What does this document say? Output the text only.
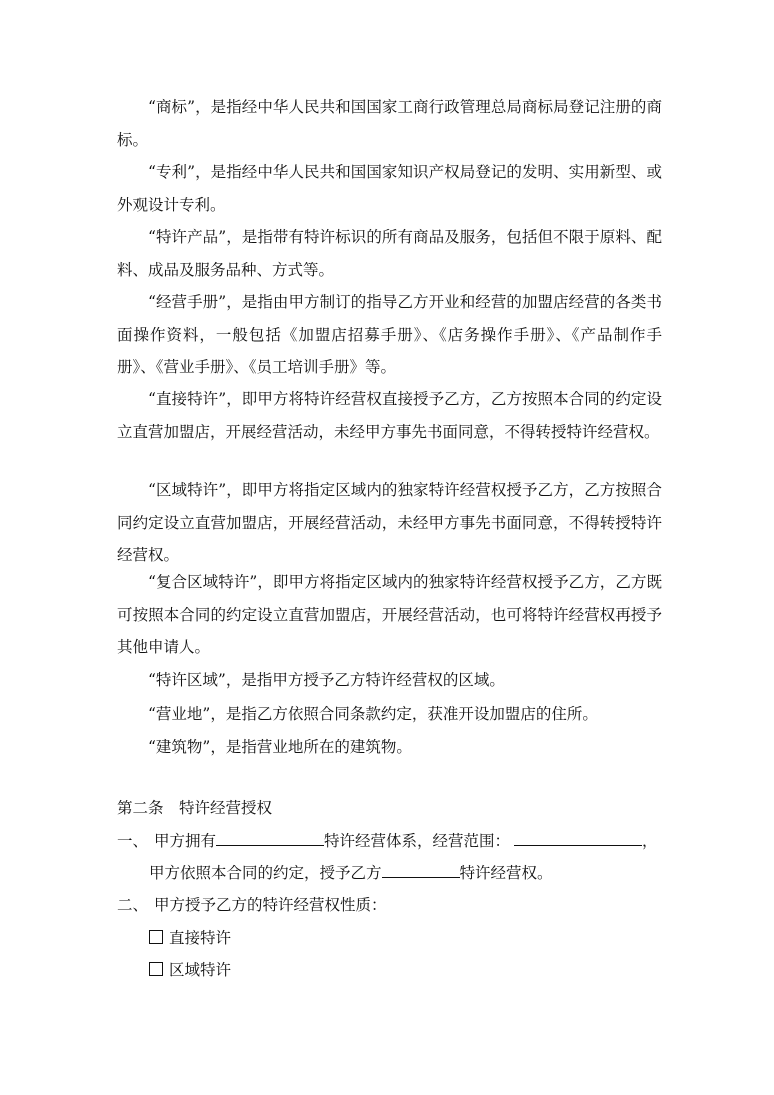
“商标”，是指经中华人民共和国国家工商行政管理总局商标局登记注册的商标。

“专利”，是指经中华人民共和国国家知识产权局登记的发明、实用新型、或外观设计专利。

“特许产品”，是指带有特许标识的所有商品及服务，包括但不限于原料、配料、成品及服务品种、方式等。

“经营手册”，是指由甲方制订的指导乙方开业和经营的加盟店经营的各类书面操作资料，一般包括《加盟店招募手册》、《店务操作手册》、《产品制作手册》、《营业手册》、《员工培训手册》等。

“直接特许”，即甲方将特许经营权直接授予乙方，乙方按照本合同的约定设立直营加盟店，开展经营活动，未经甲方事先书面同意，不得转授特许经营权。

“区域特许”，即甲方将指定区域内的独家特许经营权授予乙方，乙方按照合同约定设立直营加盟店，开展经营活动，未经甲方事先书面同意，不得转授特许经营权。

“复合区域特许”，即甲方将指定区域内的独家特许经营权授予乙方，乙方既可按照本合同的约定设立直营加盟店，开展经营活动，也可将特许经营权再授予其他申请人。

“特许区域”，是指甲方授予乙方特许经营权的区域。

“营业地”，是指乙方依照合同条款约定，获准开设加盟店的住所。

“建筑物”，是指营业地所在的建筑物。

第二条　特许经营授权
一、 甲方拥有	特许经营体系，经营范围：	，
甲方依照本合同的约定，授予乙方	特许经营权。
二、 甲方授予乙方的特许经营权性质：
直接特许
区域特许
